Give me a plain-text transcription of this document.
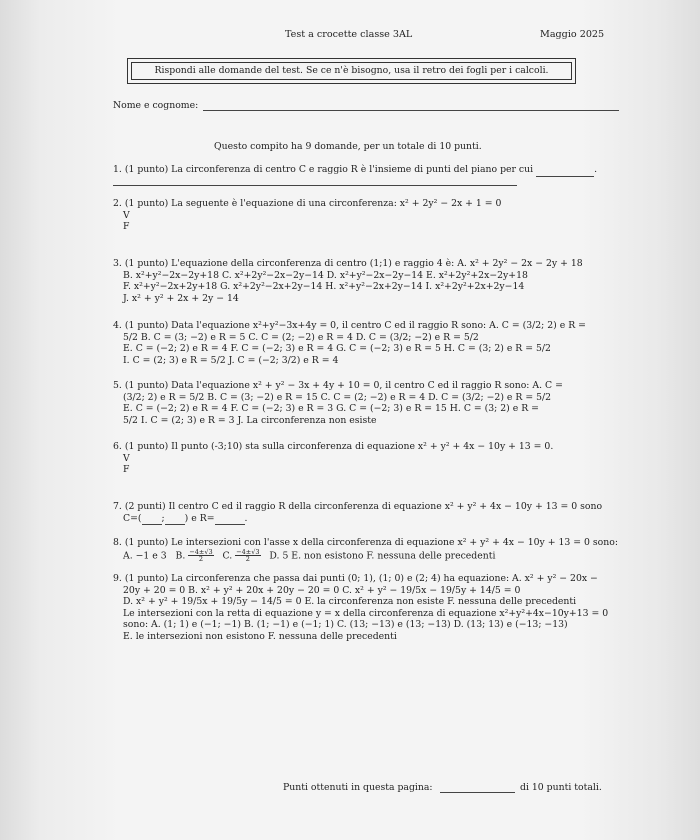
Test a crocette classe 3AL	Maggio 2025
Rispondi alle domande del test. Se ce n'è bisogno, usa il retro dei fogli per i calcoli.
Nome e cognome:
Questo compito ha 9 domande, per un totale di 10 punti.
1. (1 punto) La circonferenza di centro C e raggio R è l'insieme di punti del piano per cui	.
2. (1 punto) La seguente è l'equazione di una circonferenza: x² + 2y² − 2x + 1 = 0
V
F
3. (1 punto) L'equazione della circonferenza di centro (1;1) e raggio 4 è: A. x² + 2y² − 2x − 2y + 18
B. x²+y²−2x−2y+18 C. x²+2y²−2x−2y−14 D. x²+y²−2x−2y−14 E. x²+2y²+2x−2y+18
F. x²+y²−2x+2y+18 G. x²+2y²−2x+2y−14 H. x²+y²−2x+2y−14 I. x²+2y²+2x+2y−14
J. x² + y² + 2x + 2y − 14
4. (1 punto) Data l'equazione x²+y²−3x+4y = 0, il centro C ed il raggio R sono: A. C = (3/2; 2) e R =
5/2 B. C = (3; −2) e R = 5 C. C = (2; −2) e R = 4 D. C = (3/2; −2) e R = 5/2
E. C = (−2; 2) e R = 4 F. C = (−2; 3) e R = 4 G. C = (−2; 3) e R = 5 H. C = (3; 2) e R = 5/2
I. C = (2; 3) e R = 5/2 J. C = (−2; 3/2) e R = 4
5. (1 punto) Data l'equazione x² + y² − 3x + 4y + 10 = 0, il centro C ed il raggio R sono: A. C =
(3/2; 2) e R = 5/2 B. C = (3; −2) e R = 15 C. C = (2; −2) e R = 4 D. C = (3/2; −2) e R = 5/2
E. C = (−2; 2) e R = 4 F. C = (−2; 3) e R = 3 G. C = (−2; 3) e R = 15 H. C = (3; 2) e R =
5/2 I. C = (2; 3) e R = 3 J. La circonferenza non esiste
6. (1 punto) Il punto (-3;10) sta sulla circonferenza di equazione x² + y² + 4x − 10y + 13 = 0.
V
F
7. (2 punti) Il centro C ed il raggio R della circonferenza di equazione x² + y² + 4x − 10y + 13 = 0 sono
C=( ; ) e R=	.
8. (1 punto) Le intersezioni con l'asse x della circonferenza di equazione x² + y² + 4x − 10y + 13 = 0 sono:
A. −1 e 3 B. $\frac{-4\pm√3}{2} C$. $\frac{-4\pm√3}{2} D$. 5 E. non esistono F. nessuna delle precedenti
9. (1 punto) La circonferenza che passa dai punti (0; 1), (1; 0) e (2; 4) ha equazione: A. x² + y² − 20x −
20y + 20 = 0 B. x² + y² + 20x + 20y − 20 = 0 C. x² + y² − 19/5x − 19/5y + 14/5 = 0
D. x² + y² + 19/5x + 19/5y − 14/5 = 0 E. la circonferenza non esiste F. nessuna delle precedenti
Le intersezioni con la retta di equazione y = x della circonferenza di equazione x²+y²+4x−10y+13 = 0
sono: A. (1; 1) e (−1; −1) B. (1; −1) e (−1; 1) C. (13; −13) e (13; −13) D. (13; 13) e (−13; −13)
E. le intersezioni non esistono F. nessuna delle precedenti
Punti ottenuti in questa pagina:	di 10 punti totali.
